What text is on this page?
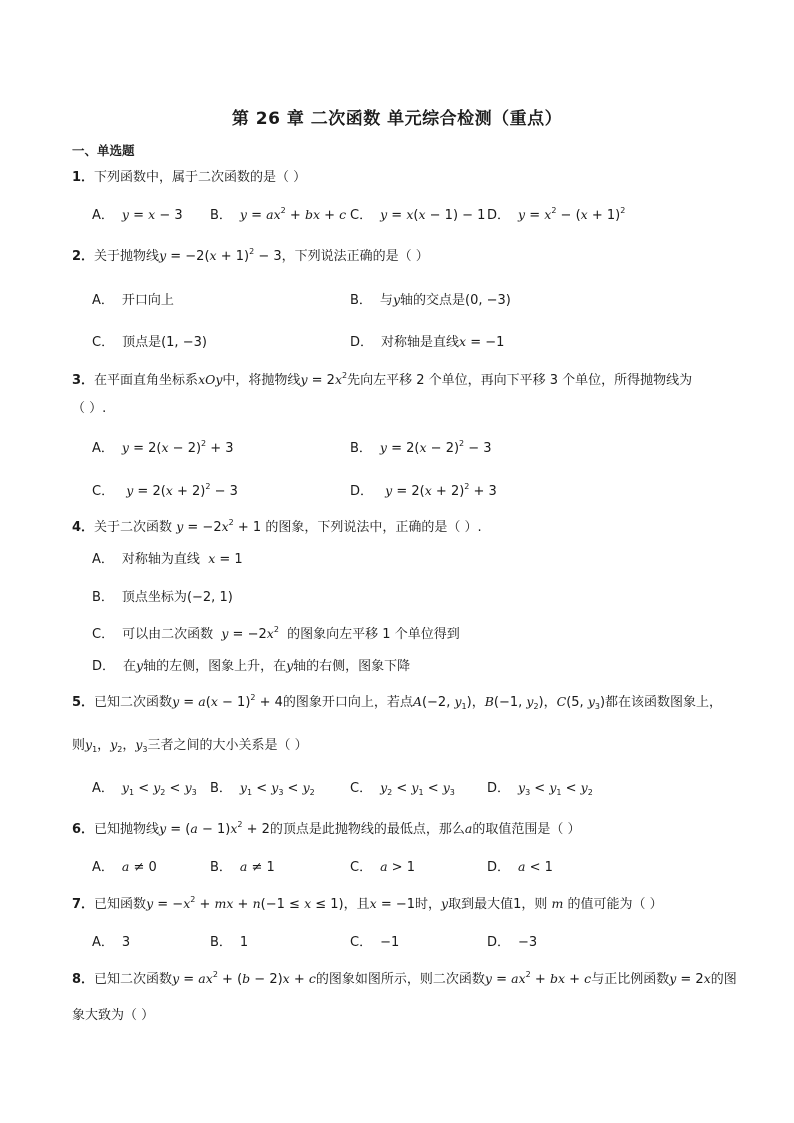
第 26 章 二次函数 单元综合检测（重点）
一、单选题
1．下列函数中，属于二次函数的是（ ）
A． y = x − 3 B． $y = ax^2$ + bx + c C． y = x(x − 1) − 1 D． $y = x^2 - (x + 1)^2$
2．关于抛物线$y = -2(x + 1)^2 - 3$，下列说法正确的是（ ）
A． 开口向上	B． 与y轴的交点是(0, −3)
C． 顶点是(1, −3)	D． 对称轴是直线x = −1
3．在平面直角坐标系xOy中，将抛物线$y = 2x^2$先向左平移 2 个单位，再向下平移 3 个单位，所得抛物线为
（ ）.
A． $y = 2(x - 2)^2 + 3$	B． $y = 2(x - 2)^2 - 3$
C． $y = 2(x + 2)^2 - 3$	D． $y = 2(x + 2)^2 + 3$
4．关于二次函数 $y = -2x^2 + 1$ 的图象，下列说法中，正确的是（ ）.
A． 对称轴为直线 x = 1
B． 顶点坐标为(−2, 1)
C． 可以由二次函数 $y = -2x^2$ 的图象向左平移 1 个单位得到
D． 在y轴的左侧，图象上升，在y轴的右侧，图象下降
5．已知二次函数$y = a(x - 1)^2 + 4$的图象开口向上，若点A(−2, $y_1$)，B(−1, $y_2$)，C(5, $y_3$)都在该函数图象上，
则$y_1$，$y_2$，$y_3$三者之间的大小关系是（ ）
A． $y_1 < y_2 < y_3$ B． $y_1 < y_3 < y_2$	C． $y_2 < y_1 < y_3$ D． $y_3 < y_1 < y_2$
6．已知抛物线$y = (a - 1)x^2 + 2$的顶点是此抛物线的最低点，那么a的取值范围是（ ）
A． a ≠ 0	B． a ≠ 1	C． a > 1	D． a < 1
7．已知函数$y = -x^2$ + mx + n(−1 ≤ x ≤ 1)，且x = −1时，y取到最大值1，则 m 的值可能为（ ）
A． 3	B． 1	C． −1	D． −3
8．已知二次函数$y = ax^2 + (b - 2)x + c$的图象如图所示，则二次函数$y = ax^2$ + bx + c与正比例函数y = 2x的图
象大致为（ ）
